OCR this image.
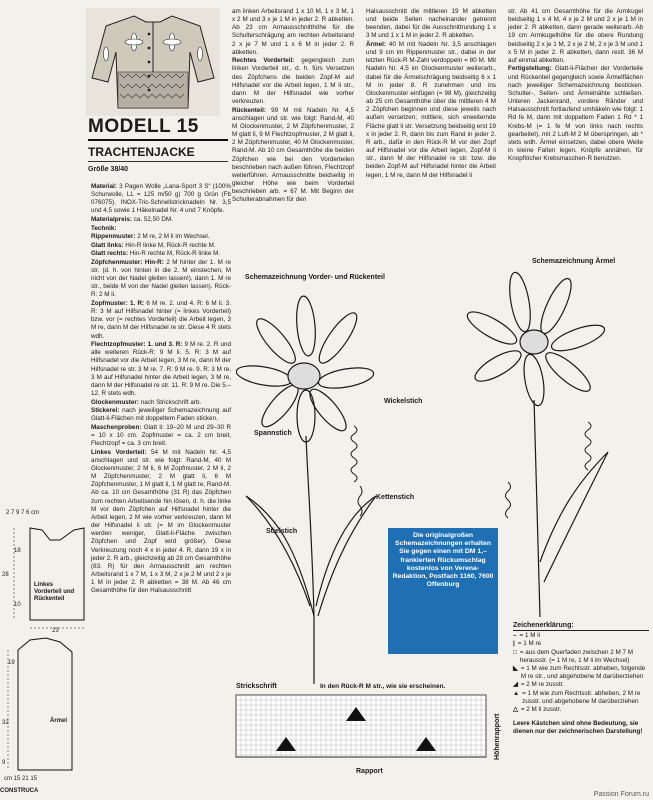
MODELL 15
TRACHTENJACKE
Größe 38/40

Material: 3 Pagen Wolle „Lana-Sport 3 S“ (100% Schurwolle, LL = 125 m/50 g) 700 g Grün (Fb 076075). INOX-Tric-Schnellstricknadeln Nr. 3,5 und 4,5 sowie 1 Häkelnadel Nr. 4 und 7 Knöpfe.

Materialpreis: ca. 52,50 DM.

Technik:

Rippenmuster: 2 M re, 2 M li im Wechsel.

Glatt links: Hin-R linke M, Rück-R rechte M.

Glatt rechts: Hin-R rechte M, Rück-R linke M.

Zöpfchenmuster: Hin-R: 2 M hinter der 1. M re str. (d. h. von hinten in die 2. M einstechen, M nicht von der Nadel gleiten lassen!), dann 1. M re str., beide M von der Nadel gleiten lassen). Rück-R: 2 M li.

Zopfmuster: 1. R: 6 M re. 2. und 4. R: 6 M li. 3. R: 3 M auf Hilfsnadel hinter (= linkes Vorderteil) bzw. vor (= rechtes Vorderteil) die Arbeit legen, 3 M re, dann M der Hilfsnadel re str. Diese 4 R stets wdh.

Flechtzopfmuster: 1. und 3. R: 9 M re. 2. R und alle weiteren Rück-R: 9 M li. 5. R: 3 M auf Hilfsnadel vor die Arbeit legen, 3 M re, dann M der Hilfsnadel re str. 3 M re. 7. R: 9 M re. 9. R: 3 M re, 3 M auf Hilfsnadel hinter die Arbeit legen, 3 M re, dann M der Hilfsnadel re str. 11. R: 9 M re. Die 5.–12. R stets wdh.

Glockenmuster: nach Strickschrift arb.

Stickerei: nach jeweiliger Schemazeichnung auf Glatt-li-Flächen mit doppeltem Faden sticken.

Maschenproben: Glatt li: 19–20 M und 29–30 R = 10 x 10 cm. Zopfmuster = ca. 2 cm breit, Flechtzopf = ca. 3 cm breit.

Linkes Vorderteil: 54 M mit Nadeln Nr. 4,5 anschlagen und str. wie folgt: Rand-M, 40 M Glockenmuster, 2 M li, 6 M Zopfmuster, 2 M li, 2 M Zöpfchenmuster, 2 M glatt li, 6 M Zöpfchenmuster, 1 M glatt li, 1 M glatt re, Rand-M. Ab ca. 10 cm Gesamthöhe (31 R) das Zöpfchen zum rechten Arbeitsende hin lösen, d. h. die linke M vor dem Zöpfchen auf Hilfsnadel hinter die Arbeit legen, 2 M wie vorher verkreuzen, dann M der Hilfsnadel li str. (= M im Glockenmuster werden weniger, Glatt-li-Fläche zwischen Zöpfchen und Zopf wird größer). Diese Verkreuzung noch 4 x in jeder 4. R, dann 19 x in jeder 2. R arb., gleichzeitig ab 28 cm Gesamthöhe (83. R) für den Armausschnitt am rechten Arbeitsrand 1 x 7 M, 1 x 3 M, 2 x je 2 M und 2 x je 1 M in jeder 2. R abketten = 38 M. Ab 46 cm Gesamthöhe für den Halsausschnitt

am linken Arbeitsrand 1 x 10 M, 1 x 3 M, 1 x 2 M und 3 x je 1 M in jeder 2. R abketten. Ab 23 cm Armausschnitthöhe für die Schulterschrägung am rechten Arbeitsrand 2 x je 7 M und 1 x 6 M in jeder 2. R abketten.

Rechtes Vorderteil: gegengleich zum linken Vorderteil str., d. h. fürs Versetzen des Zöpfchens die beiden Zopf-M auf Hilfsnadel vor die Arbeit legen, 1 M li str., dann M der Hilfsnadel wie vorher verkreuzen.

Rückenteil: 99 M mit Nadeln Nr. 4,5 anschlagen und str. wie folgt: Rand-M, 40 M Glockenmuster, 2 M Zöpfchenmuster, 2 M glatt li, 9 M Flechtzopfmuster, 2 M glatt li, 2 M Zöpfchenmuster, 40 M Glockenmuster, Rand-M. Ab 10 cm Gesamthöhe die beiden Zöpfchen wie bei den Vorderteilen beschrieben nach außen führen, Flechtzopf weiterführen. Armausschnitte beidseitig in gleicher Höhe wie beim Vorderteil beschrieben arb. = 67 M. Mit Beginn der Schulterabnahmen für den

Halsausschnitt die mittleren 19 M abketten und beide Seiten nacheinander getrennt beenden, dabei für die Ausschnittrundung 1 x 3 M und 1 x 1 M in jeder 2. R abketten.

Ärmel: 40 M mit Nadeln Nr. 3,5 anschlagen und 9 cm im Rippenmuster str., dabei in der letzten Rück-R M-Zahl verdoppeln = 80 M. Mit Nadeln Nr. 4,5 im Glockenmuster weiterarb., dabei für die Ärmelschrägung beidseitig 6 x 1 M in jeder 8. R zunehmen und ins Glockenmuster einfügen (= 98 M), gleichzeitig ab 25 cm Gesamthöhe über die mittleren 4 M 2 Zöpfchen beginnen und diese jeweils nach außen versetzen; mittlere, sich erweiternde Fläche glatt li str. Versetzung beidseitig erst 19 x in jeder 2. R, dann bis zum Rand in jeder 2. R arb., dafür in den Rück-R M vor den Zopf auf Hilfsnadel vor die Arbeit legen, Zopf-M li str., dann M der Hilfsnadel re str. bzw. die beiden Zopf-M auf Hilfsnadel hinter die Arbeit legen, 1 M re, dann M der Hilfsnadel li

str. Ab 41 cm Gesamthöhe für die Armkugel beidseitig 1 x 4 M, 4 x je 2 M und 2 x je 1 M in jeder 2. R abketten, dann gerade weiterarb. Ab 19 cm Armkugelhöhe für die obere Rundung beidseitig 2 x je 1 M, 2 x je 2 M, 2 x je 3 M und 1 x 5 M in jeder 2. R abketten, dann restl. 36 M auf einmal abketten.

Fertigstellung: Glatt-li-Flächen der Vorderteile und Rückenteil gegengleich sowie Ärmelflächen nach jeweiliger Schemazeichnung besticken. Schulter-, Seiten- und Ärmelnähte schließen. Unteren Jackenrand, vordere Ränder und Halsausschnitt fortlaufend umhäkeln wie folgt: 1 Rd fe M, dann mit doppeltem Faden 1 Rd * 1 Krebs-M (= 1 fe M von links nach rechts gearbeitet), mit 2 Luft-M 2 M überspringen, ab * stets wdh. Ärmel einsetzen, dabei obere Weite in kleine Falten legen. Knöpfe annähen, für Knopflöcher Krebsmaschen-R benutzen.

Schemazeichnung Vorder- und Rückenteil
Schemazeichnung Ärmel
Spannstich
Wickelstich
Kettenstich
Stielstich

Die originalgroßen Schemazeichnungen erhalten Sie gegen einen mit DM 1,– frankierten Rückumschlag kostenlos von Verena-Redaktion, Postfach 1160, 7600 Offenburg

Zeichenerklärung:
– = 1 M li
| = 1 M re
□ = aus dem Querfaden zwischen 2 M 7 M herausstr. (= 1 M re, 1 M li im Wechsel)
◣ = 1 M wie zum Rechtsstr. abheben, folgende M re str., und abgehobene M darüberziehen
◢ = 2 M re zusstr.
▲ = 1 M wie zum Rechtsstr. abheben, 2 M re zusstr. und abgehobene M darüberziehen
△ = 2 M li zusstr.
Leere Kästchen sind ohne Bedeutung, sie dienen nur der zeichnerischen Darstellung!
Strickschrift	In den Rück-R M str., wie sie erscheinen.
Höhenrapport
Rapport
2 7 9 7 6 cm
Linkes Vorderteil und Rückenteil
18
28
10
23
Ärmel
19
32
9
cm 15 21 15
CONSTRUCA	Passion Forum.ru
